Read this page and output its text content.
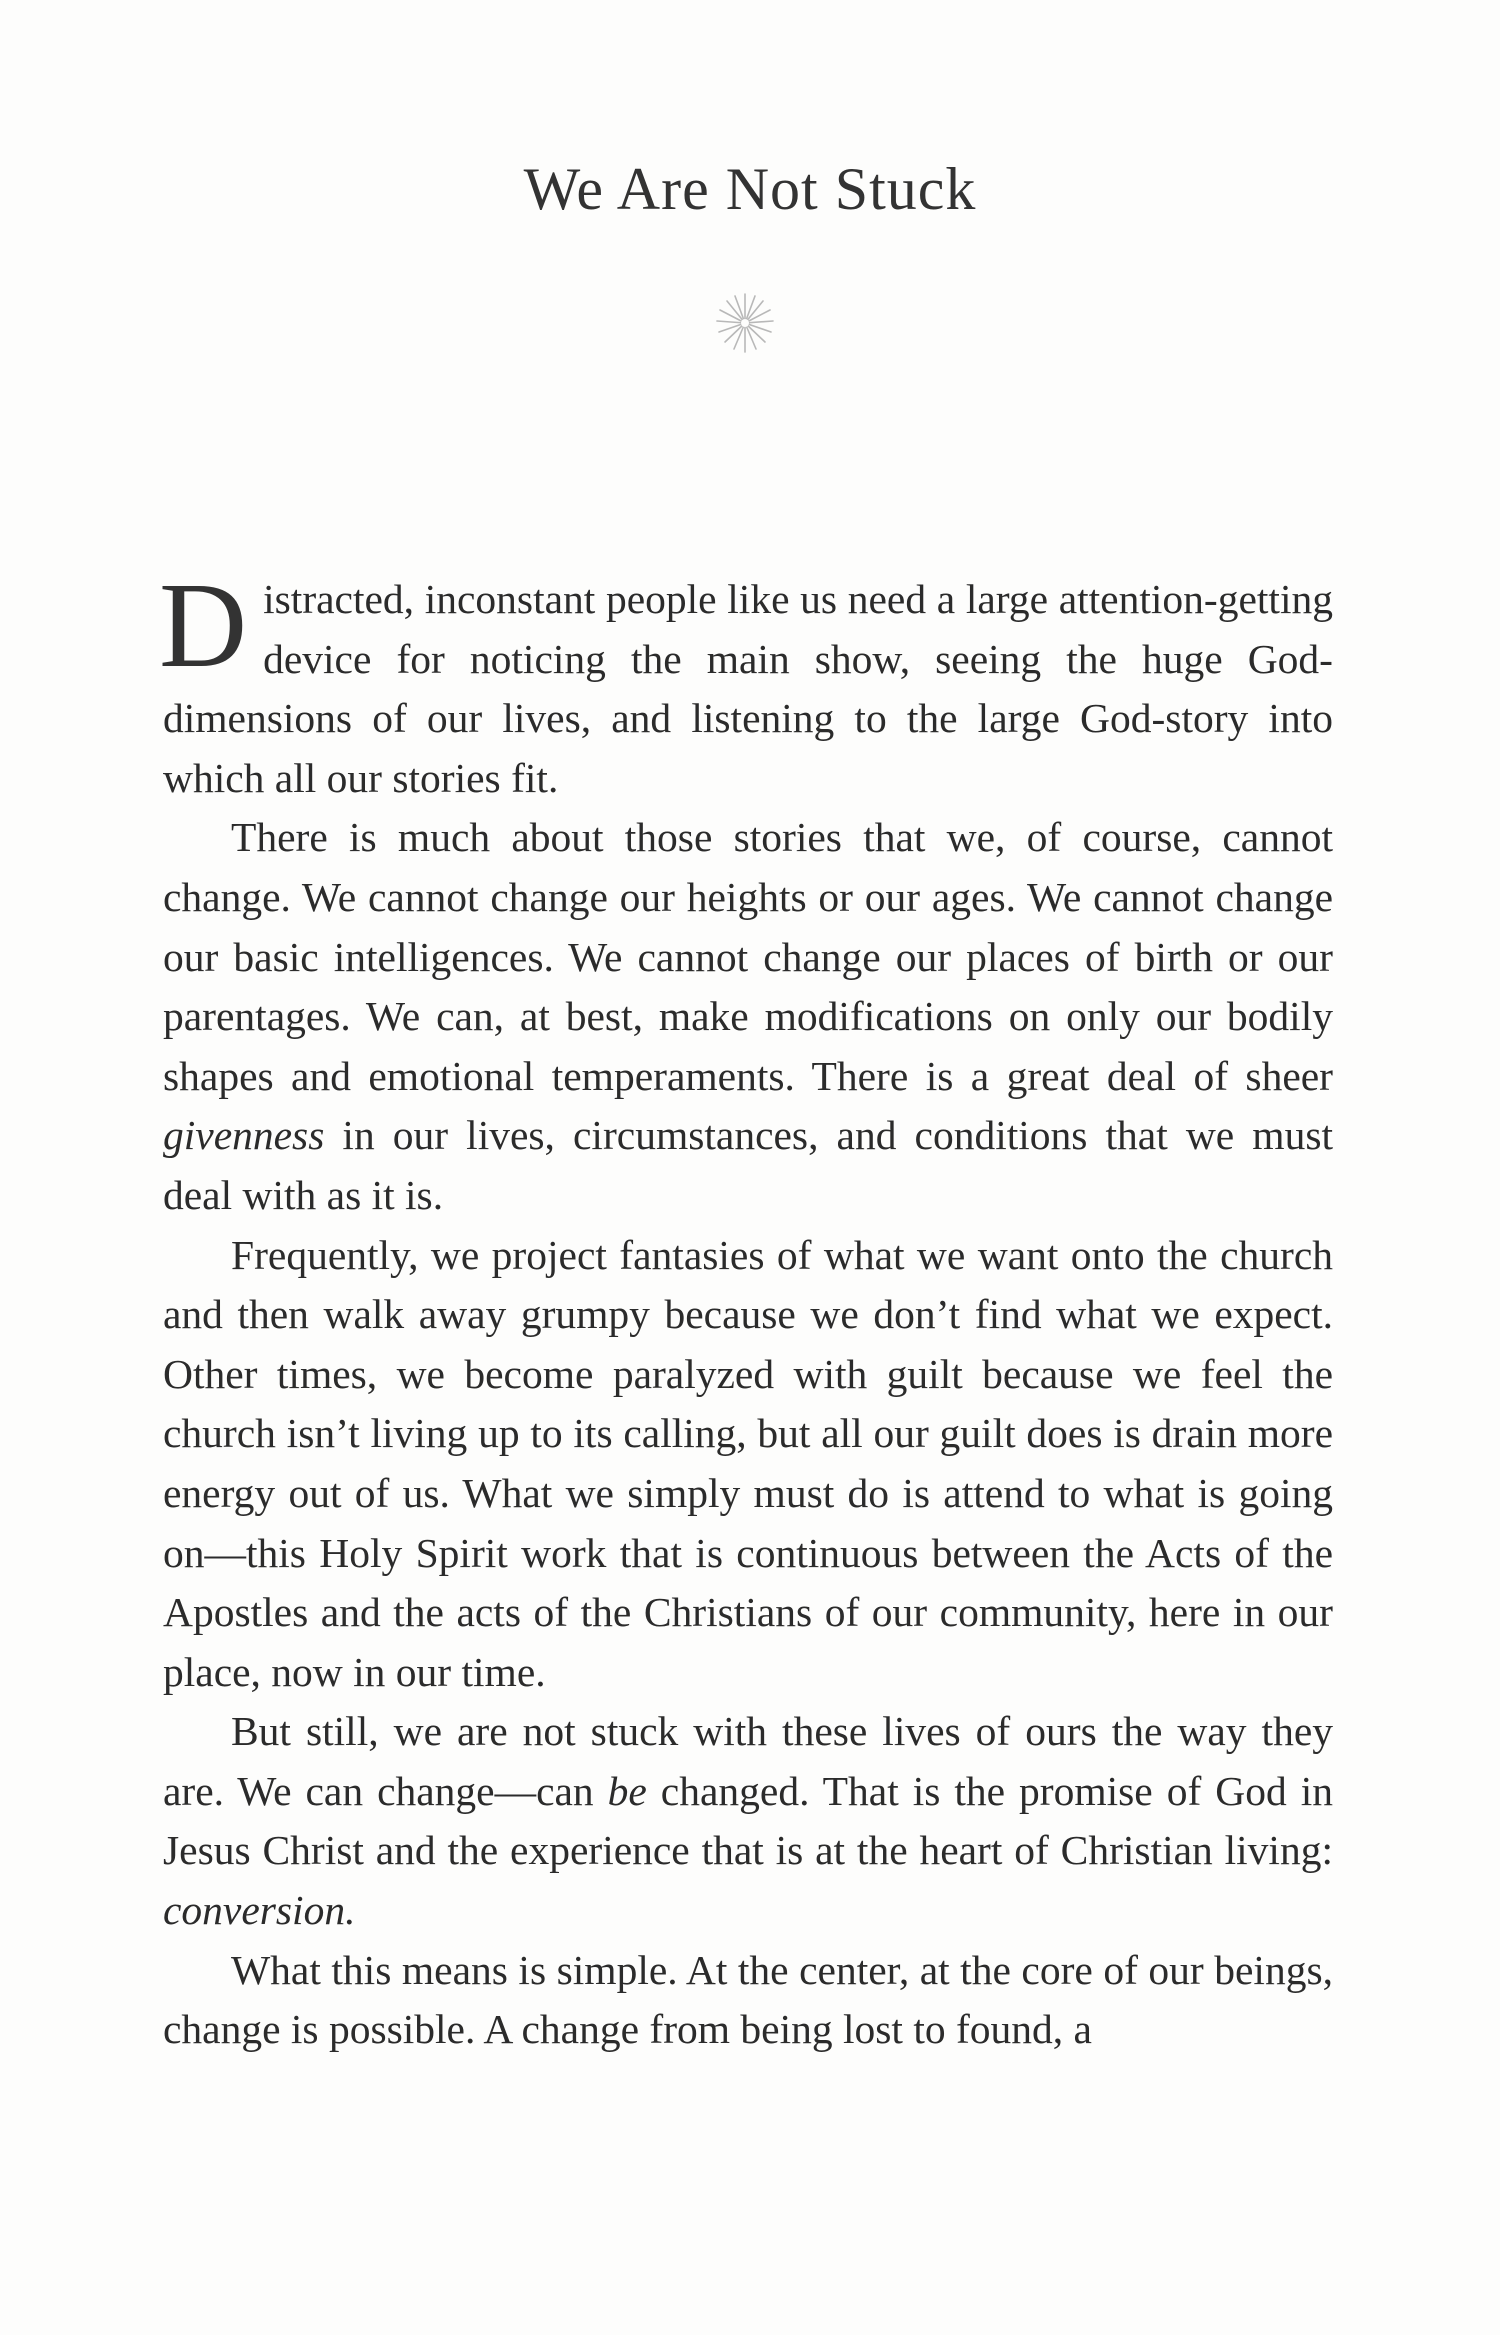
We Are Not Stuck

Distracted, inconstant people like us need a large attention-getting device for noticing the main show, seeing the huge God-dimensions of our lives, and listening to the large God-story into which all our stories fit.

There is much about those stories that we, of course, cannot change. We cannot change our heights or our ages. We cannot change our basic intelligences. We cannot change our places of birth or our parentages. We can, at best, make modifications on only our bodily shapes and emotional temperaments. There is a great deal of sheer givenness in our lives, circumstances, and conditions that we must deal with as it is.

Frequently, we project fantasies of what we want onto the church and then walk away grumpy because we don’t find what we expect. Other times, we become paralyzed with guilt because we feel the church isn’t living up to its calling, but all our guilt does is drain more energy out of us. What we simply must do is attend to what is going on—this Holy Spirit work that is continuous between the Acts of the Apostles and the acts of the Christians of our community, here in our place, now in our time.

But still, we are not stuck with these lives of ours the way they are. We can change—can be changed. That is the promise of God in Jesus Christ and the experience that is at the heart of Christian living: conversion.

What this means is simple. At the center, at the core of our beings, change is possible. A change from being lost to found, a
